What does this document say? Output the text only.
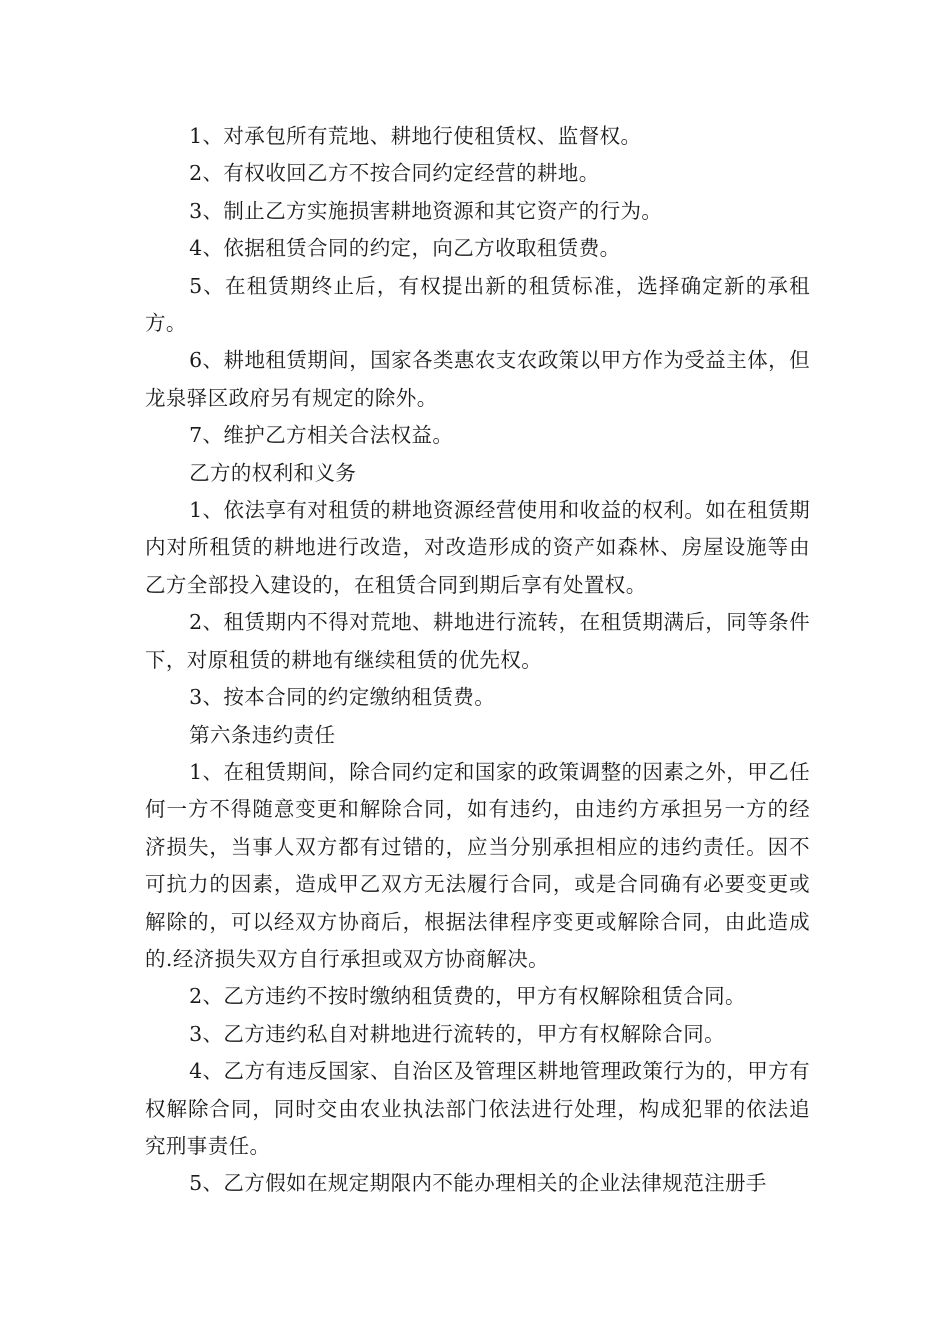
1、对承包所有荒地、耕地行使租赁权、监督权。

2、有权收回乙方不按合同约定经营的耕地。

3、制止乙方实施损害耕地资源和其它资产的行为。

4、依据租赁合同的约定，向乙方收取租赁费。

5、在租赁期终止后，有权提出新的租赁标准，选择确定新的承租方。

6、耕地租赁期间，国家各类惠农支农政策以甲方作为受益主体，但龙泉驿区政府另有规定的除外。

7、维护乙方相关合法权益。

乙方的权利和义务

1、依法享有对租赁的耕地资源经营使用和收益的权利。如在租赁期内对所租赁的耕地进行改造，对改造形成的资产如森林、房屋设施等由乙方全部投入建设的，在租赁合同到期后享有处置权。

2、租赁期内不得对荒地、耕地进行流转，在租赁期满后，同等条件下，对原租赁的耕地有继续租赁的优先权。

3、按本合同的约定缴纳租赁费。

第六条违约责任

1、在租赁期间，除合同约定和国家的政策调整的因素之外，甲乙任何一方不得随意变更和解除合同，如有违约，由违约方承担另一方的经济损失，当事人双方都有过错的，应当分别承担相应的违约责任。因不可抗力的因素，造成甲乙双方无法履行合同，或是合同确有必要变更或解除的，可以经双方协商后，根据法律程序变更或解除合同，由此造成的.经济损失双方自行承担或双方协商解决。

2、乙方违约不按时缴纳租赁费的，甲方有权解除租赁合同。

3、乙方违约私自对耕地进行流转的，甲方有权解除合同。

4、乙方有违反国家、自治区及管理区耕地管理政策行为的，甲方有权解除合同，同时交由农业执法部门依法进行处理，构成犯罪的依法追究刑事责任。

5、乙方假如在规定期限内不能办理相关的企业法律规范注册手
